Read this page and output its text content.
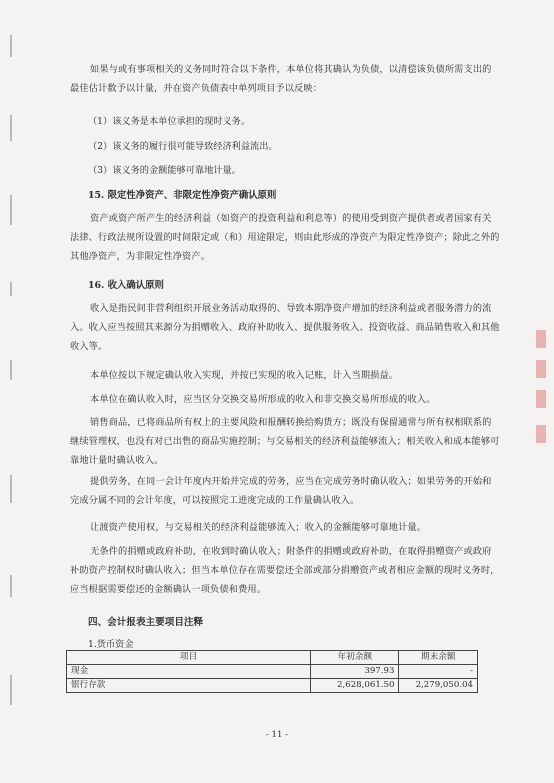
如果与或有事项相关的义务同时符合以下条件，本单位将其确认为负债，以清偿该负债所需支出的最佳估计数予以计量，并在资产负债表中单列项目予以反映：
（1）该义务是本单位承担的现时义务。
（2）该义务的履行很可能导致经济利益流出。
（3）该义务的金额能够可靠地计量。
15. 限定性净资产、非限定性净资产确认原则
资产或资产所产生的经济利益（如资产的投资利益和利息等）的使用受到资产提供者或者国家有关法律、行政法规所设置的时间限定或（和）用途限定，则由此形成的净资产为限定性净资产；除此之外的其他净资产，为非限定性净资产。
16. 收入确认原则
收入是指民间非营利组织开展业务活动取得的、导致本期净资产增加的经济利益或者服务潜力的流入。收入应当按照其来源分为捐赠收入、政府补助收入、提供服务收入、投资收益、商品销售收入和其他收入等。
本单位按以下规定确认收入实现，并按已实现的收入记账，计入当期损益。
本单位在确认收入时，应当区分交换交易所形成的收入和非交换交易所形成的收入。
销售商品，已将商品所有权上的主要风险和报酬转换给购货方；既没有保留通常与所有权相联系的继续管理权，也没有对已出售的商品实施控制；与交易相关的经济利益能够流入；相关收入和成本能够可靠地计量时确认收入。
提供劳务，在同一会计年度内开始并完成的劳务，应当在完成劳务时确认收入；如果劳务的开始和完成分属不同的会计年度，可以按照完工进度完成的工作量确认收入。
让渡资产使用权，与交易相关的经济利益能够流入；收入的金额能够可靠地计量。
无条件的捐赠或政府补助，在收到时确认收入；附条件的捐赠或政府补助，在取得捐赠资产或政府补助资产控制权时确认收入；但当本单位存在需要偿还全部或部分捐赠资产或者相应金额的现时义务时，应当根据需要偿还的金额确认一项负债和费用。
四、会计报表主要项目注释
1.货币资金
项目	年初余额	期末余额
现金	397.93	-
银行存款	2,628,061.50	2,279,050.04
- 11 -
